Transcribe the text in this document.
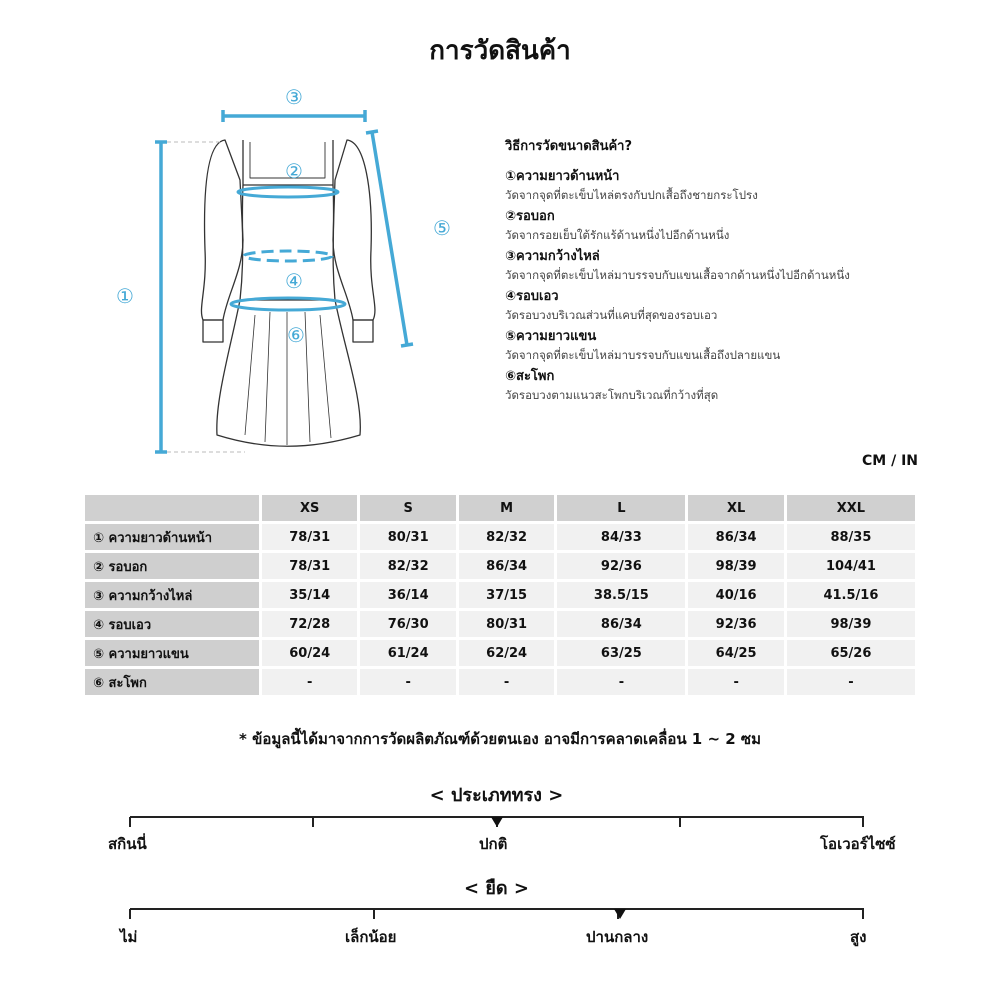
การวัดสินค้า
①
②
③
④
⑤
⑥
วิธีการวัดขนาดสินค้า?
①ความยาวด้านหน้า
วัดจากจุดที่ตะเข็บไหล่ตรงกับปกเสื้อถึงชายกระโปรง
②รอบอก
วัดจากรอยเย็บใต้รักแร้ด้านหนึ่งไปอีกด้านหนึ่ง
③ความกว้างไหล่
วัดจากจุดที่ตะเข็บไหล่มาบรรจบกับแขนเสื้อจากด้านหนึ่งไปอีกด้านหนึ่ง
④รอบเอว
วัดรอบวงบริเวณส่วนที่แคบที่สุดของรอบเอว
⑤ความยาวแขน
วัดจากจุดที่ตะเข็บไหล่มาบรรจบกับแขนเสื้อถึงปลายแขน
⑥สะโพก
วัดรอบวงตามแนวสะโพกบริเวณที่กว้างที่สุด
CM / IN
	XS	S	M	L	XL	XXL
① ความยาวด้านหน้า	78/31	80/31	82/32	84/33	86/34	88/35
② รอบอก	78/31	82/32	86/34	92/36	98/39	104/41
③ ความกว้างไหล่	35/14	36/14	37/15	38.5/15	40/16	41.5/16
④ รอบเอว	72/28	76/30	80/31	86/34	92/36	98/39
⑤ ความยาวแขน	60/24	61/24	62/24	63/25	64/25	65/26
⑥ สะโพก	-	-	-	-	-	-
* ข้อมูลนี้ได้มาจากการวัดผลิตภัณฑ์ด้วยตนเอง อาจมีการคลาดเคลื่อน 1 ~ 2 ซม
< ประเภททรง >
สกินนี่	ปกติ	โอเวอร์ไซซ์
< ยืด >
ไม่	เล็กน้อย	ปานกลาง	สูง
